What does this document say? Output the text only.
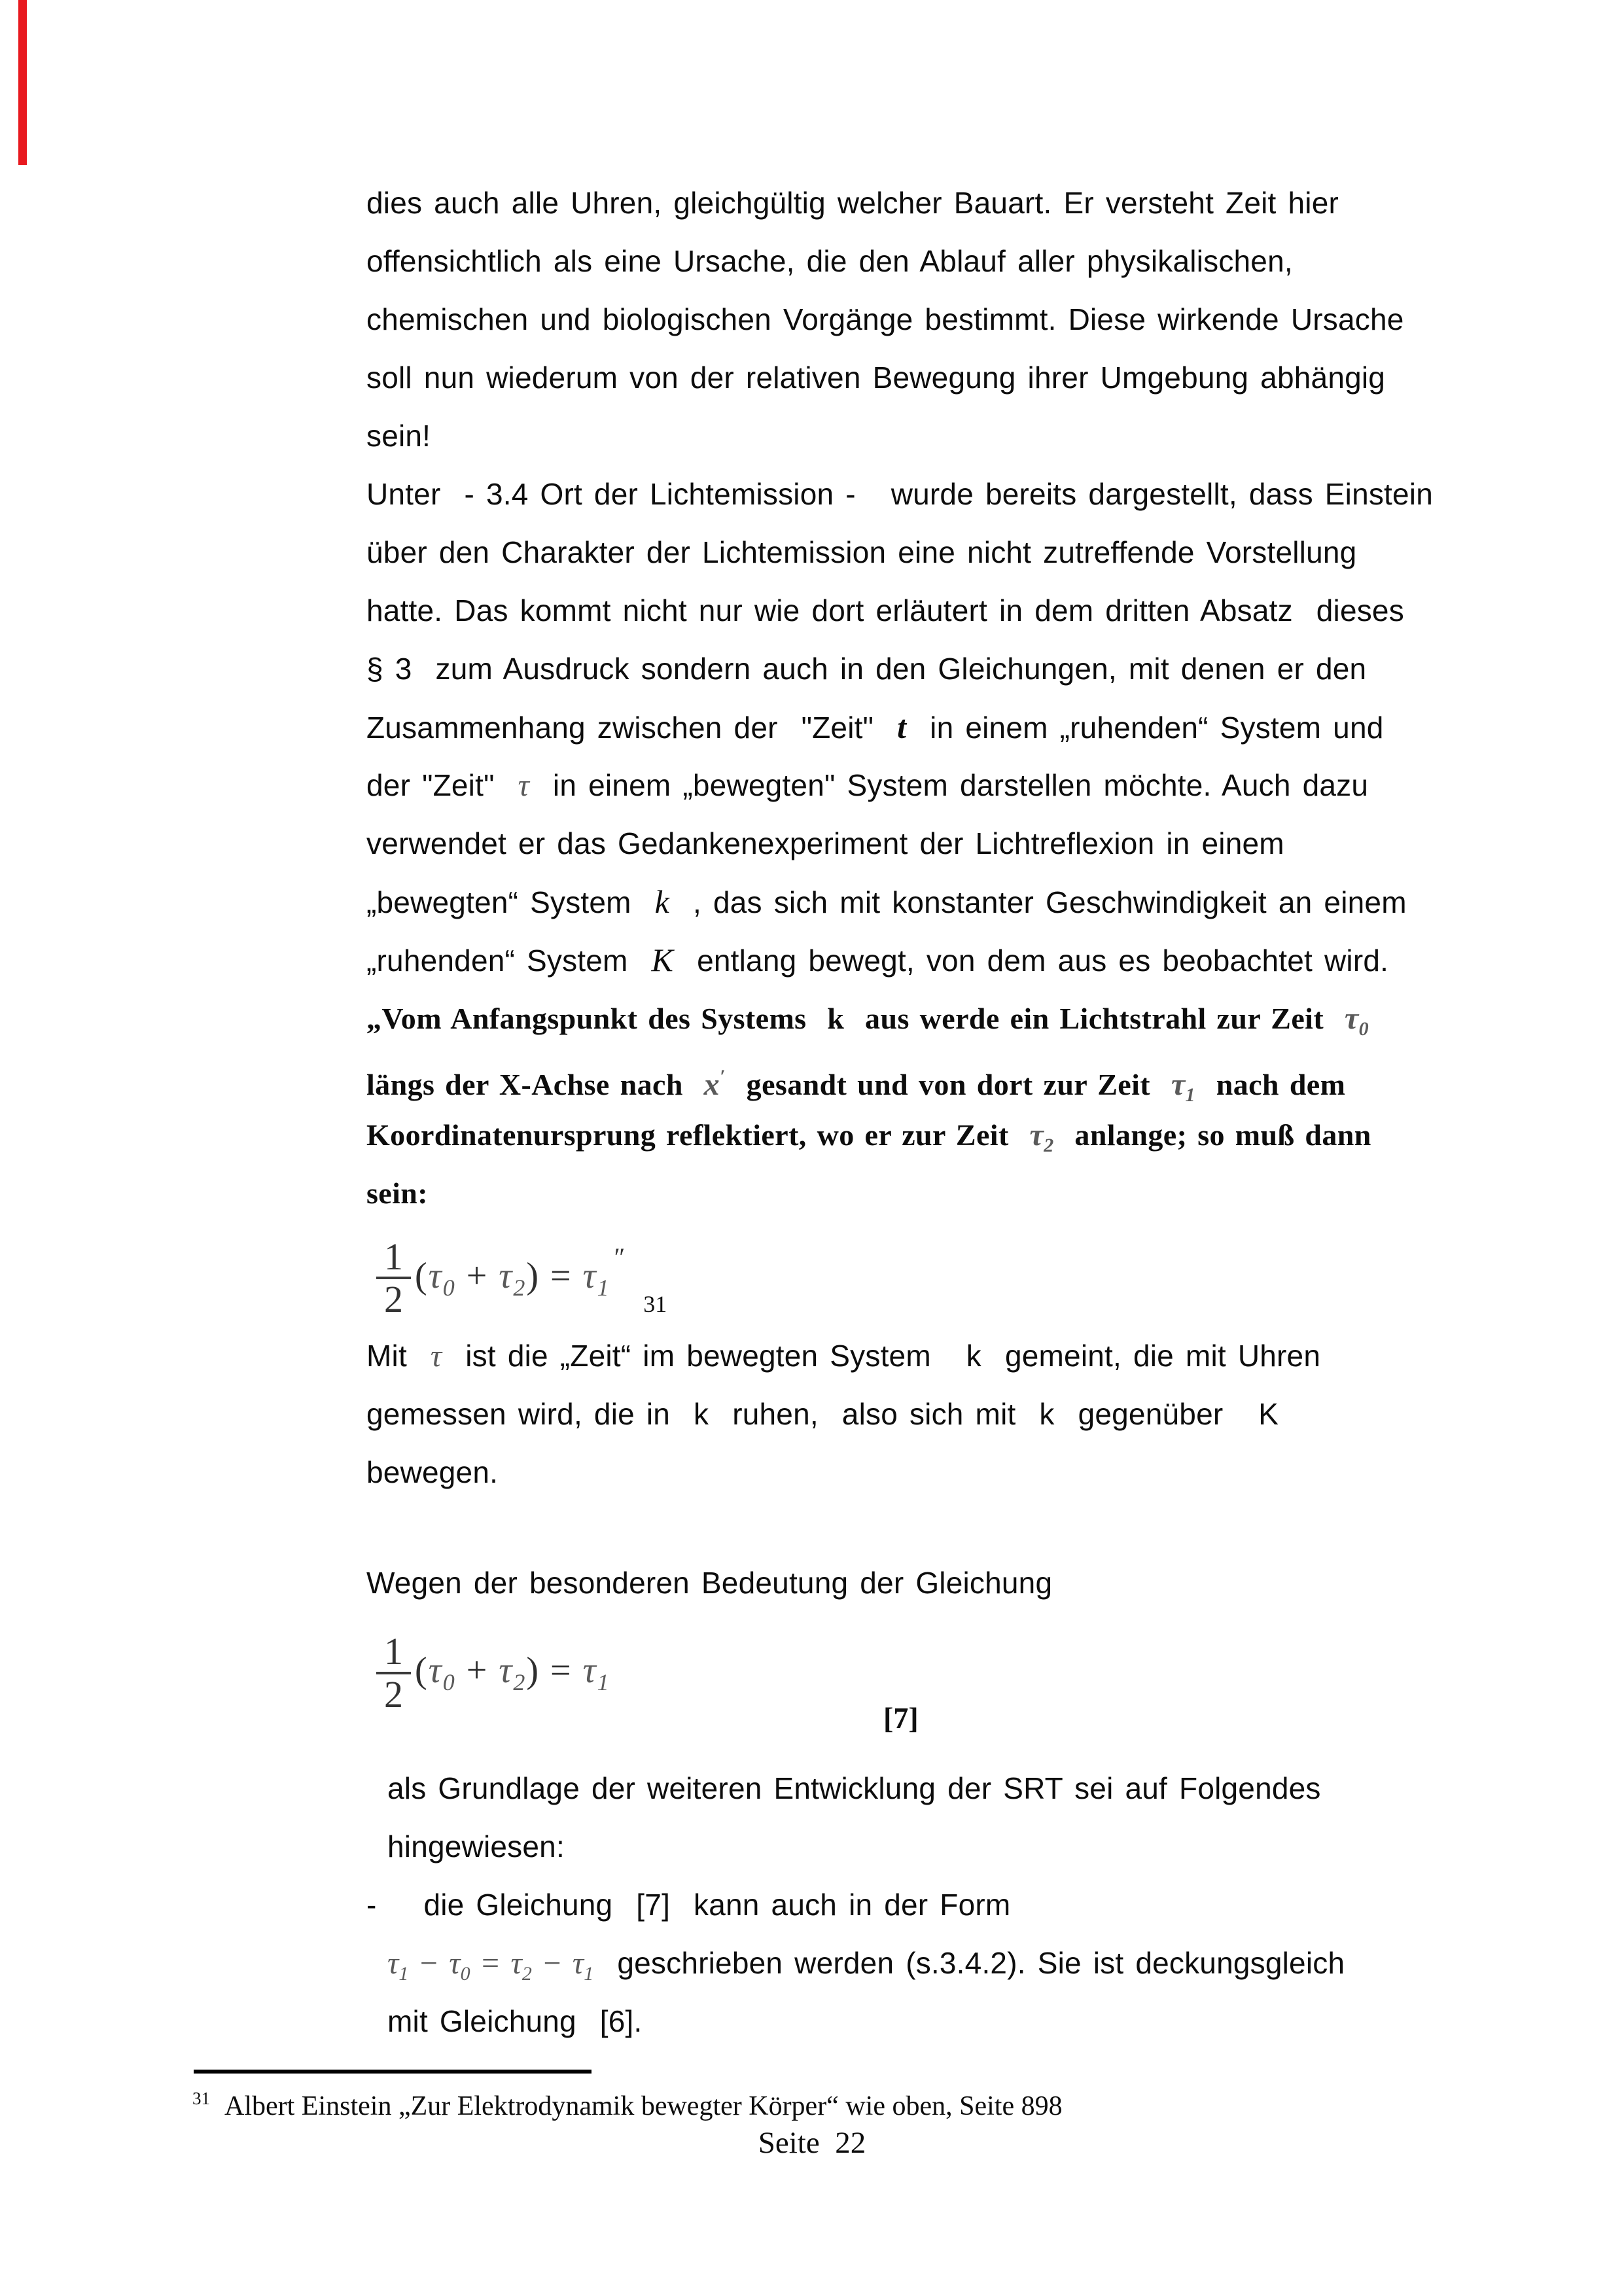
dies auch alle Uhren, gleichgültig welcher Bauart. Er versteht Zeit hier
offensichtlich als eine Ursache, die den Ablauf aller physikalischen,
chemischen und biologischen Vorgänge bestimmt. Diese wirkende Ursache
soll nun wiederum von der relativen Bewegung ihrer Umgebung abhängig
sein!
Unter  - 3.4 Ort der Lichtemission -   wurde bereits dargestellt, dass Einstein
über den Charakter der Lichtemission eine nicht zutreffende Vorstellung
hatte. Das kommt nicht nur wie dort erläutert in dem dritten Absatz  dieses
§ 3  zum Ausdruck sondern auch in den Gleichungen, mit denen er den
Zusammenhang zwischen der  "Zeit"  t  in einem „ruhenden“ System und
der "Zeit"  τ  in einem „bewegten" System darstellen möchte. Auch dazu
verwendet er das Gedankenexperiment der Lichtreflexion in einem
„bewegten“ System  k  , das sich mit konstanter Geschwindigkeit an einem
„ruhenden“ System  K  entlang bewegt, von dem aus es beobachtet wird.
„Vom Anfangspunkt des Systems  k  aus werde ein Lichtstrahl zur Zeit  $\tau_0$
längs der X-Achse nach  x′  gesandt und von dort zur Zeit  $\tau_1$  nach dem
Koordinatenursprung reflektiert, wo er zur Zeit  $\tau_2$  anlange; so muß dann
sein:
$\frac{1}{2} (\tau_0 + \tau_2) = \tau_1$
″
31
Mit  τ  ist die „Zeit“ im bewegten System   k  gemeint, die mit Uhren
gemessen wird, die in  k  ruhen,  also sich mit  k  gegenüber   K
bewegen.
Wegen der besonderen Bedeutung der Gleichung
$\frac{1}{2} (\tau_0 + \tau_2) = \tau_1$
[7]
als Grundlage der weiteren Entwicklung der SRT sei auf Folgendes
hingewiesen:
-    die Gleichung  [7]  kann auch in der Form
$\tau_1 - \tau_0 = \tau_2 - \tau_1$  geschrieben werden (s.3.4.2). Sie ist deckungsgleich
mit Gleichung  [6].
$^{31}$ Albert Einstein „Zur Elektrodynamik bewegter Körper“ wie oben, Seite 898
Seite  22
